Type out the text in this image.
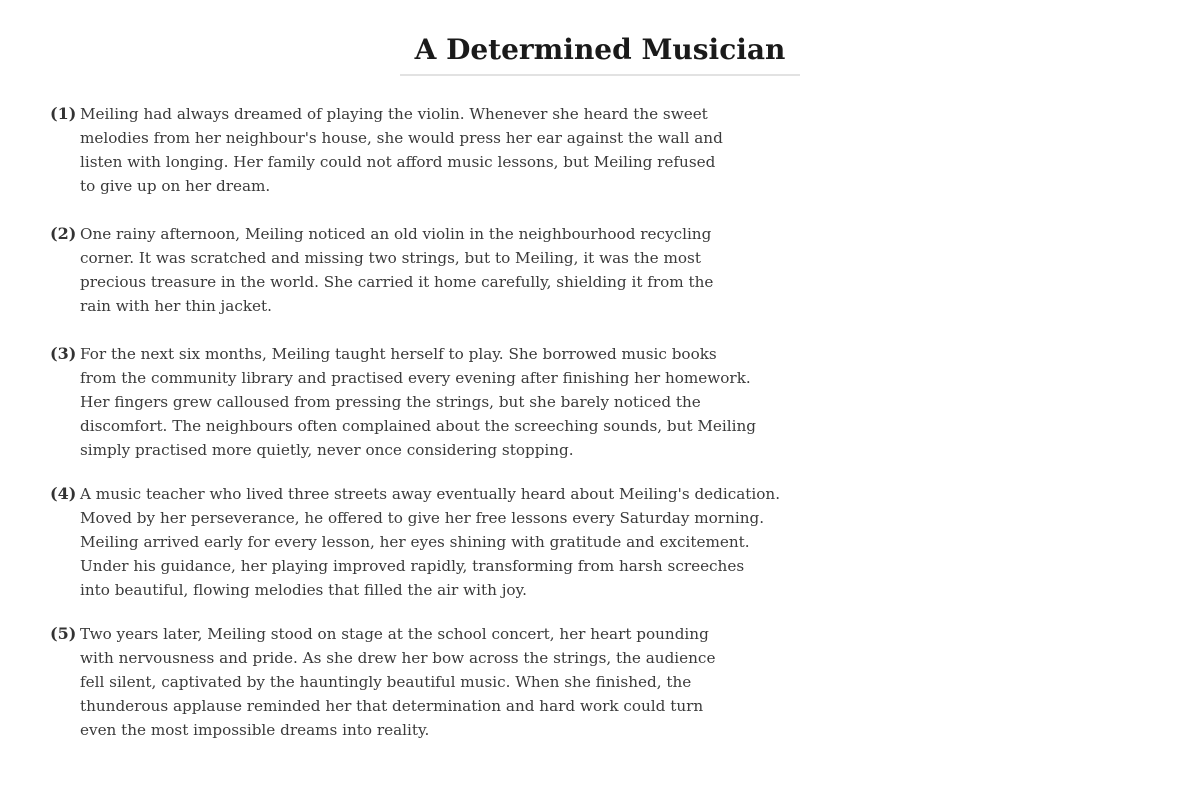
A Determined Musician
(1) Meiling had always dreamed of playing the violin. Whenever she heard the sweet
melodies from her neighbour's house, she would press her ear against the wall and
listen with longing. Her family could not afford music lessons, but Meiling refused
to give up on her dream.
(2) One rainy afternoon, Meiling noticed an old violin in the neighbourhood recycling
corner. It was scratched and missing two strings, but to Meiling, it was the most
precious treasure in the world. She carried it home carefully, shielding it from the
rain with her thin jacket.
(3) For the next six months, Meiling taught herself to play. She borrowed music books
from the community library and practised every evening after finishing her homework.
Her fingers grew calloused from pressing the strings, but she barely noticed the
discomfort. The neighbours often complained about the screeching sounds, but Meiling
simply practised more quietly, never once considering stopping.
(4) A music teacher who lived three streets away eventually heard about Meiling's dedication.
Moved by her perseverance, he offered to give her free lessons every Saturday morning.
Meiling arrived early for every lesson, her eyes shining with gratitude and excitement.
Under his guidance, her playing improved rapidly, transforming from harsh screeches
into beautiful, flowing melodies that filled the air with joy.
(5) Two years later, Meiling stood on stage at the school concert, her heart pounding
with nervousness and pride. As she drew her bow across the strings, the audience
fell silent, captivated by the hauntingly beautiful music. When she finished, the
thunderous applause reminded her that determination and hard work could turn
even the most impossible dreams into reality.
